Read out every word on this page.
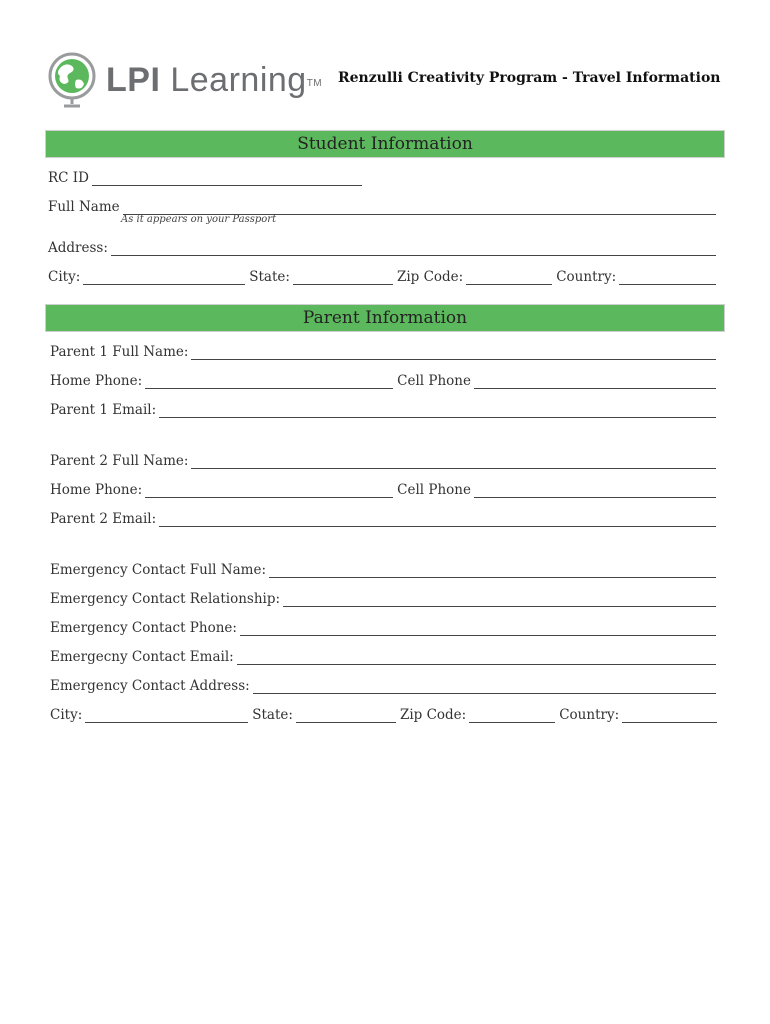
LPI Learning™ Renzulli Creativity Program - Travel Information
Student Information
RC ID
Full Name
As it appears on your Passport
Address:
City:	State:	Zip Code:	Country:
Parent Information
Parent 1 Full Name:
Home Phone:	Cell Phone
Parent 1 Email:
Parent 2 Full Name:
Home Phone:	Cell Phone
Parent 2 Email:
Emergency Contact Full Name:
Emergency Contact Relationship:
Emergency Contact Phone:
Emergecny Contact Email:
Emergency Contact Address:
City:	State:	Zip Code:	Country:
